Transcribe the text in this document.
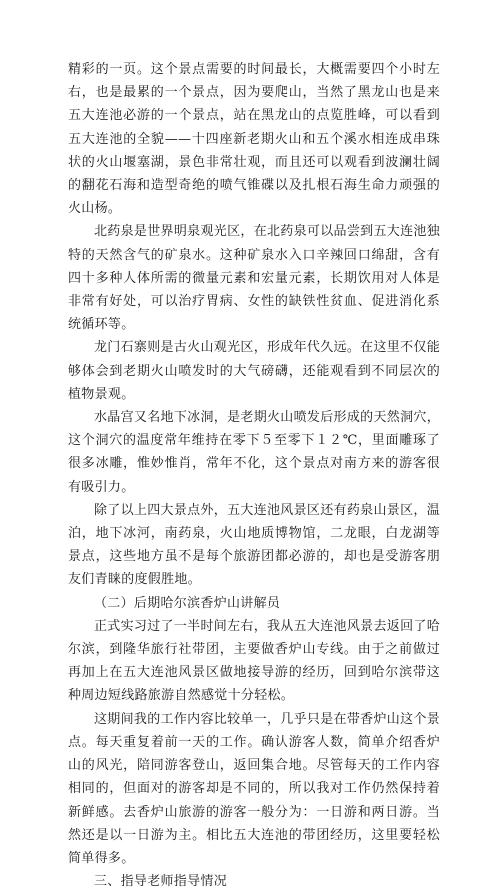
精彩的一页。这个景点需要的时间最长，大概需要四个小时左右，也是最累的一个景点，因为要爬山，当然了黑龙山也是来五大连池必游的一个景点，站在黑龙山的点览胜峰，可以看到五大连池的全貌——十四座新老期火山和五个溪水相连成串珠状的火山堰塞湖，景色非常壮观，而且还可以观看到波澜壮阔的翻花石海和造型奇绝的喷气锥碟以及扎根石海生命力顽强的火山杨。

北药泉是世界明泉观光区，在北药泉可以品尝到五大连池独特的天然含气的矿泉水。这种矿泉水入口辛辣回口绵甜，含有四十多种人体所需的微量元素和宏量元素，长期饮用对人体是非常有好处，可以治疗胃病、女性的缺铁性贫血、促进消化系统循环等。

龙门石寨则是古火山观光区，形成年代久远。在这里不仅能够体会到老期火山喷发时的大气磅礴，还能观看到不同层次的植物景观。

水晶宫又名地下冰洞，是老期火山喷发后形成的天然洞穴，这个洞穴的温度常年维持在零下５至零下１２℃，里面雕琢了很多冰雕，惟妙惟肖，常年不化，这个景点对南方来的游客很有吸引力。

除了以上四大景点外，五大连池风景区还有药泉山景区，温泊，地下冰河，南药泉，火山地质博物馆，二龙眼，白龙湖等景点，这些地方虽不是每个旅游团都必游的，却也是受游客朋友们青睐的度假胜地。

（二）后期哈尔滨香炉山讲解员

正式实习过了一半时间左右，我从五大连池风景去返回了哈尔滨，到隆华旅行社带团，主要做香炉山专线。由于之前做过再加上在五大连池风景区做地接导游的经历，回到哈尔滨带这种周边短线路旅游自然感觉十分轻松。

这期间我的工作内容比较单一，几乎只是在带香炉山这个景点。每天重复着前一天的工作。确认游客人数，简单介绍香炉山的风光，陪同游客登山，返回集合地。尽管每天的工作内容相同的，但面对的游客却是不同的，所以我对工作仍然保持着新鲜感。去香炉山旅游的游客一般分为：一日游和两日游。当然还是以一日游为主。相比五大连池的带团经历，这里要轻松简单得多。

三、指导老师指导情况
